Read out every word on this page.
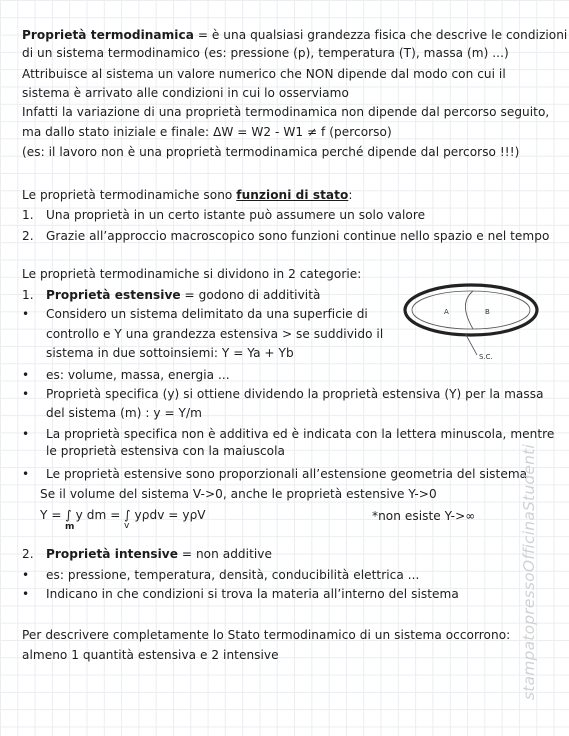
Proprietà termodinamica = è una qualsiasi grandezza fisica che descrive le condizioni
di un sistema termodinamico (es: pressione (p), temperatura (T), massa (m) ...)
Attribuisce al sistema un valore numerico che NON dipende dal modo con cui il
sistema è arrivato alle condizioni in cui lo osserviamo
Infatti la variazione di una proprietà termodinamica non dipende dal percorso seguito,
ma dallo stato iniziale e finale: ΔW = W2 - W1 ≠ f (percorso)
(es: il lavoro non è una proprietà termodinamica perché dipende dal percorso !!!)
Le proprietà termodinamiche sono funzioni di stato:
1. Una proprietà in un certo istante può assumere un solo valore
2. Grazie all’approccio macroscopico sono funzioni continue nello spazio e nel tempo
Le proprietà termodinamiche si dividono in 2 categorie:
1. Proprietà estensive = godono di additività
• Considero un sistema delimitato da una superficie di
controllo e Y una grandezza estensiva > se suddivido il
sistema in due sottoinsiemi: Y = Ya + Yb
• es: volume, massa, energia ...
• Proprietà specifica (y) si ottiene dividendo la proprietà estensiva (Y) per la massa
del sistema (m) : y = Y/m
• La proprietà specifica non è additiva ed è indicata con la lettera minuscola, mentre
le proprietà estensiva con la maiuscola
• Le proprietà estensive sono proporzionali all’estensione geometria del sistema
Se il volume del sistema V->0, anche le proprietà estensive Y->0
Y = ∫ y dm = ∫ yρdv = yρV
m	v
*non esiste Y->∞
2. Proprietà intensive = non additive
• es: pressione, temperatura, densità, conducibilità elettrica ...
• Indicano in che condizioni si trova la materia all’interno del sistema
Per descrivere completamente lo Stato termodinamico di un sistema occorrono:
almeno 1 quantità estensiva e 2 intensive
A	B
S.C.
stampatopressoOfficinaStudenti
